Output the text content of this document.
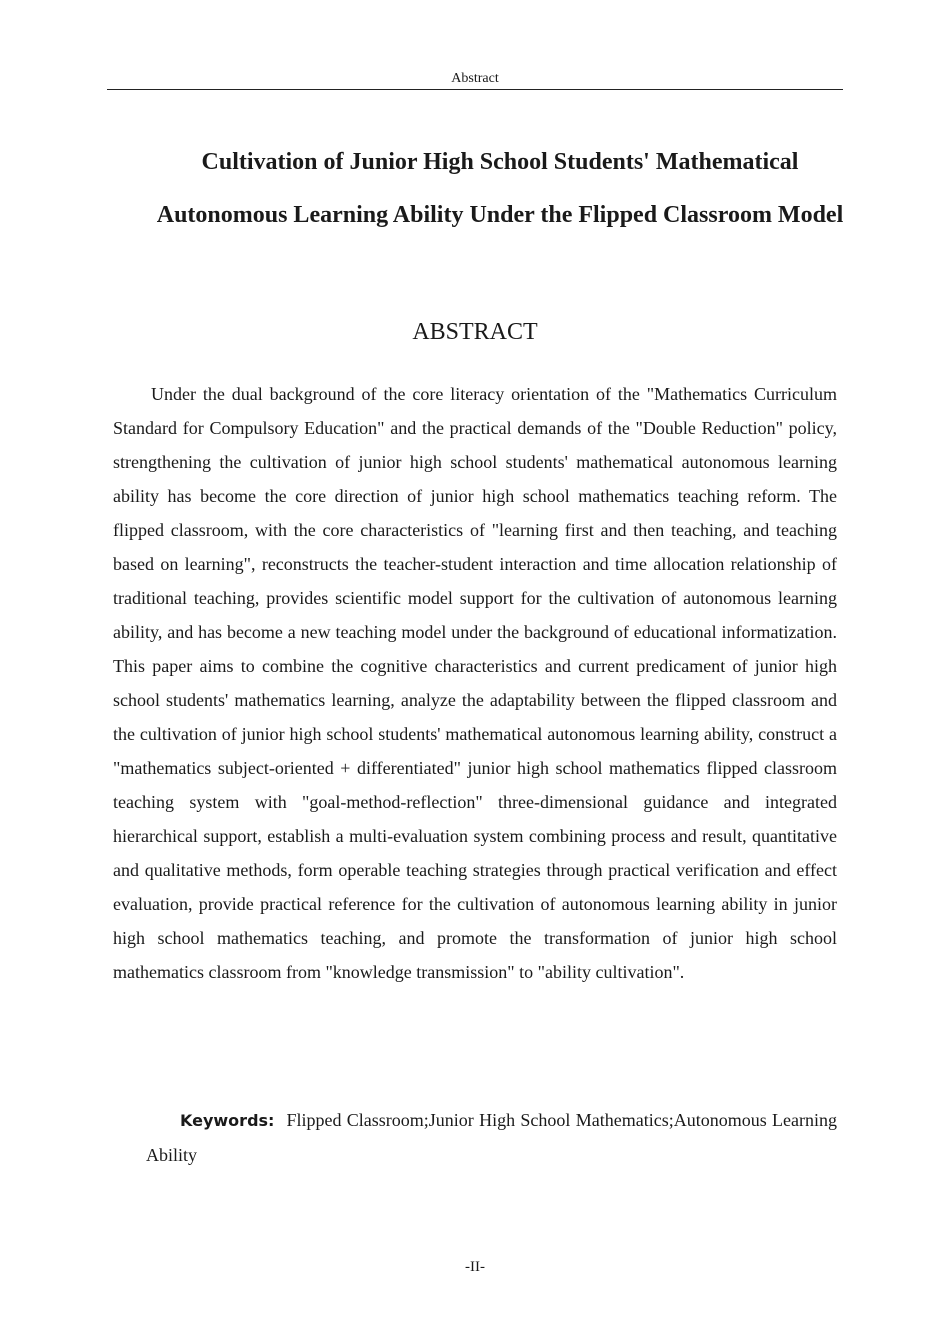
Abstract
Cultivation of Junior High School Students' Mathematical Autonomous Learning Ability Under the Flipped Classroom Model
ABSTRACT

Under the dual background of the core literacy orientation of the "Mathematics Curriculum Standard for Compulsory Education" and the practical demands of the "Double Reduction" policy, strengthening the cultivation of junior high school students' mathematical autonomous learning ability has become the core direction of junior high school mathematics teaching reform. The flipped classroom, with the core characteristics of "learning first and then teaching, and teaching based on learning", reconstructs the teacher-student interaction and time allocation relationship of traditional teaching, provides scientific model support for the cultivation of autonomous learning ability, and has become a new teaching model under the background of educational informatization. This paper aims to combine the cognitive characteristics and current predicament of junior high school students' mathematics learning, analyze the adaptability between the flipped classroom and the cultivation of junior high school students' mathematical autonomous learning ability, construct a "mathematics subject-oriented + differentiated" junior high school mathematics flipped classroom teaching system with "goal-method-reflection" three-dimensional guidance and integrated hierarchical support, establish a multi-evaluation system combining process and result, quantitative and qualitative methods, form operable teaching strategies through practical verification and effect evaluation, provide practical reference for the cultivation of autonomous learning ability in junior high school mathematics teaching, and promote the transformation of junior high school mathematics classroom from "knowledge transmission" to "ability cultivation".

Keywords: Flipped Classroom;Junior High School Mathematics;Autonomous Learning Ability

-II-
